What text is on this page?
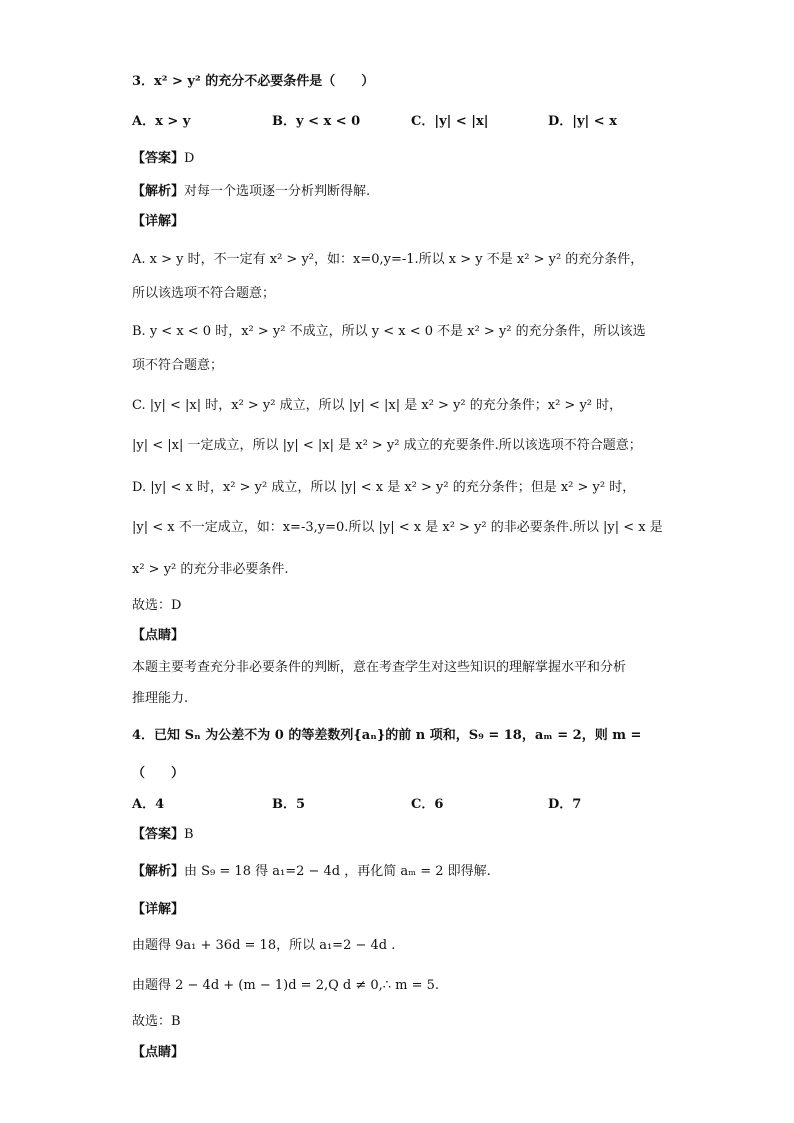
3．x² > y² 的充分不必要条件是（　　）
A．x > y	B．y < x < 0	C．|y| < |x|	D．|y| < x
【答案】D
【解析】对每一个选项逐一分析判断得解.
【详解】
A. x > y 时，不一定有 x² > y²，如：x=0,y=-1.所以 x > y 不是 x² > y² 的充分条件，
所以该选项不符合题意；
B. y < x < 0 时，x² > y² 不成立，所以 y < x < 0 不是 x² > y² 的充分条件，所以该选
项不符合题意；
C. |y| < |x| 时，x² > y² 成立，所以 |y| < |x| 是 x² > y² 的充分条件；x² > y² 时，
|y| < |x| 一定成立，所以 |y| < |x| 是 x² > y² 成立的充要条件.所以该选项不符合题意；
D. |y| < x 时，x² > y² 成立，所以 |y| < x 是 x² > y² 的充分条件；但是 x² > y² 时，
|y| < x 不一定成立，如：x=-3,y=0.所以 |y| < x 是 x² > y² 的非必要条件.所以 |y| < x 是
x² > y² 的充分非必要条件.
故选：D
【点睛】
本题主要考查充分非必要条件的判断，意在考查学生对这些知识的理解掌握水平和分析
推理能力.
4．已知 Sₙ 为公差不为 0 的等差数列{aₙ}的前 n 项和，S₉ = 18，aₘ = 2，则 m =
（　　）
A．4	B．5	C．6	D．7
【答案】B
【解析】由 S₉ = 18 得 a₁=2 − 4d ，再化简 aₘ = 2 即得解.
【详解】
由题得 9a₁ + 36d = 18，所以 a₁=2 − 4d .
由题得 2 − 4d + (m − 1)d = 2,Q d ≠ 0,∴ m = 5.
故选：B
【点睛】
